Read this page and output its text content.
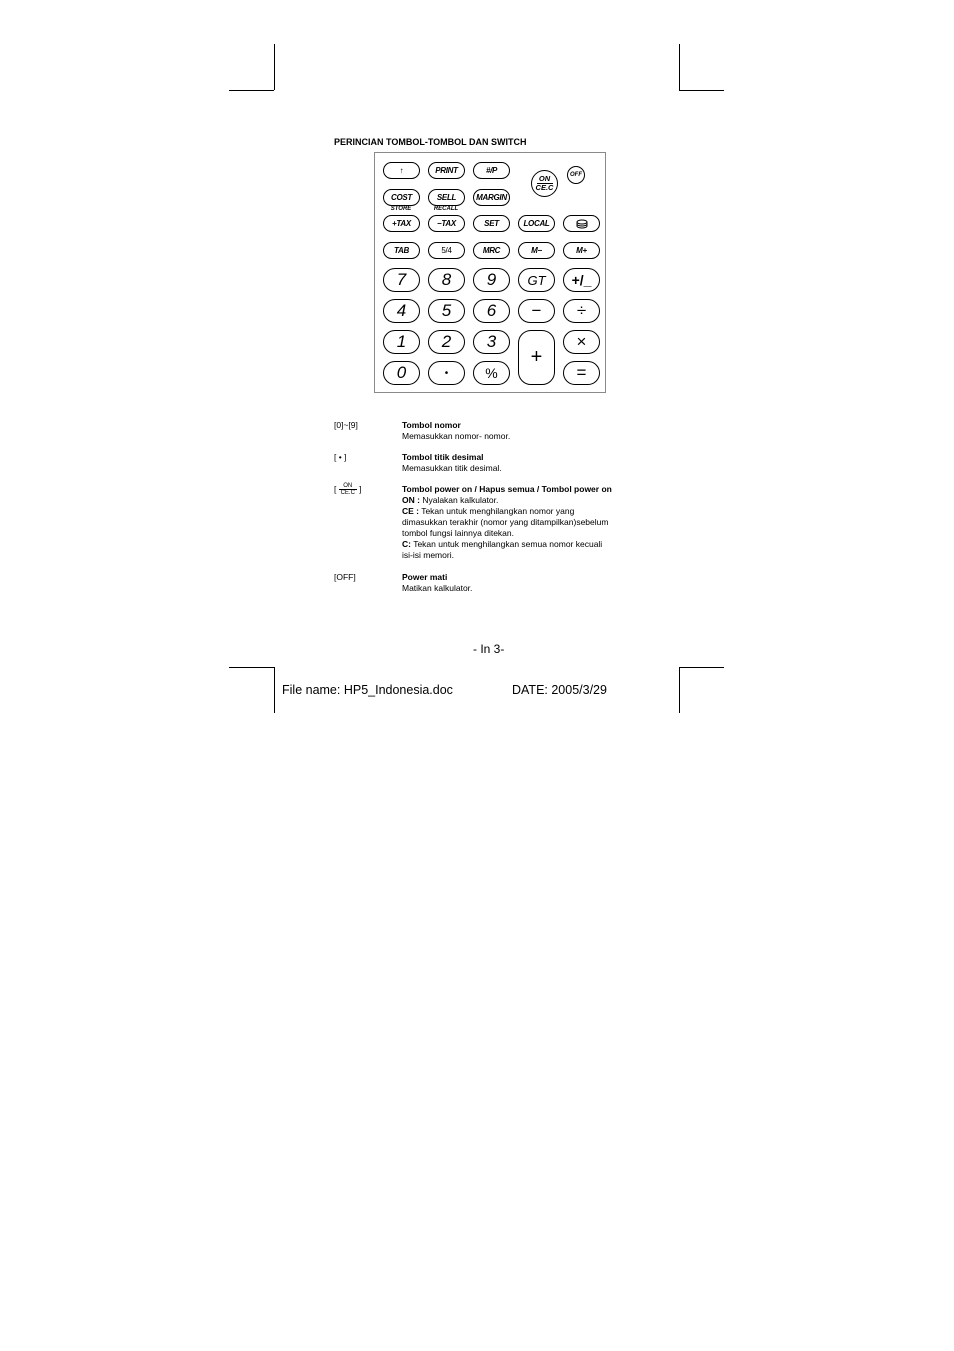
PERINCIAN TOMBOL-TOMBOL DAN SWITCH
↑	PRINT	#/P
ON
CE.C
OFF
COST	SELL	MARGIN
STORE	RECALL
+TAX	−TAX	SET	LOCAL
TAB	5/4	MRC	M−	M+
7	8	9	GT	+/_
4	5	6	−	÷
1	2	3
+
×
0	•	%	=
[0]~[9]	Tombol nomor
Memasukkan nomor- nomor.
[ • ]	Tombol titik desimal
Memasukkan titik desimal.
[ $\frac{ON}{CE.C}$ ]	Tombol power on / Hapus semua / Tombol power on
ON : Nyalakan kalkulator.
CE : Tekan untuk menghilangkan nomor yang
dimasukkan terakhir (nomor yang ditampilkan)sebelum
tombol fungsi lainnya ditekan.
C: Tekan untuk menghilangkan semua nomor kecuali
isi-isi memori.
[OFF]	Power mati
Matikan kalkulator.
- In 3-
File name: HP5_Indonesia.doc	DATE: 2005/3/29
